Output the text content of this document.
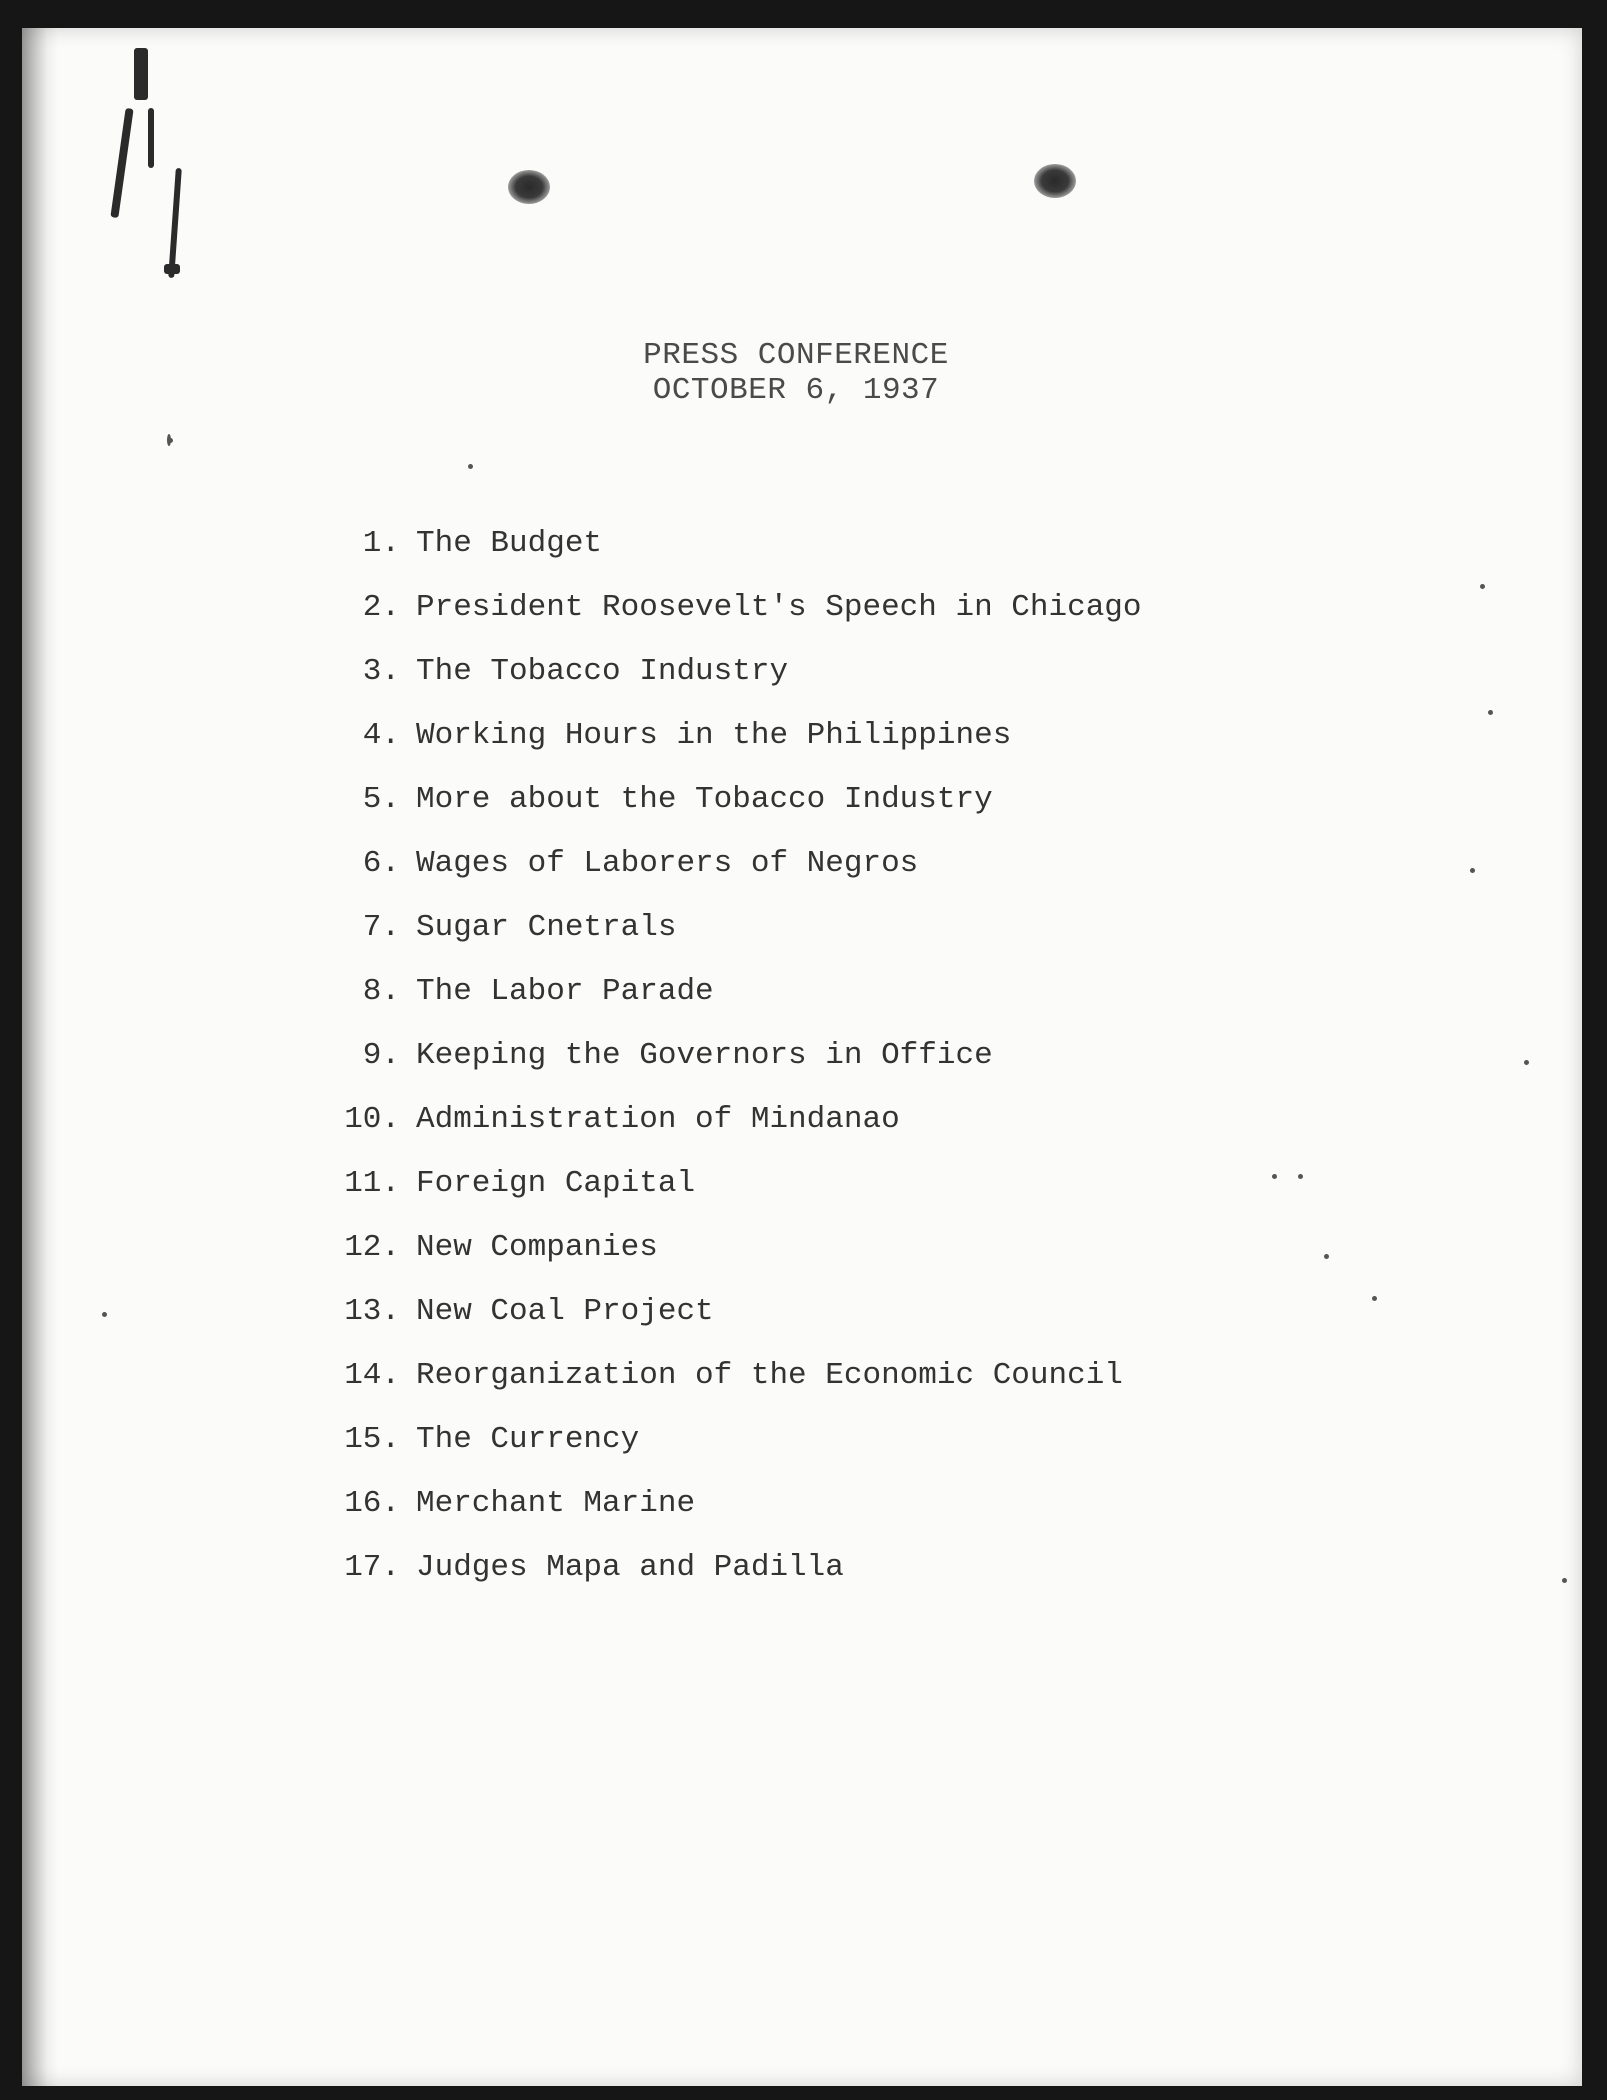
PRESS CONFERENCE
OCTOBER 6, 1937
1. The Budget
2. President Roosevelt's Speech in Chicago
3. The Tobacco Industry
4. Working Hours in the Philippines
5. More about the Tobacco Industry
6. Wages of Laborers of Negros
7. Sugar Cnetrals
8. The Labor Parade
9. Keeping the Governors in Office
10. Administration of Mindanao
11. Foreign Capital
12. New Companies
13. New Coal Project
14. Reorganization of the Economic Council
15. The Currency
16. Merchant Marine
17. Judges Mapa and Padilla
